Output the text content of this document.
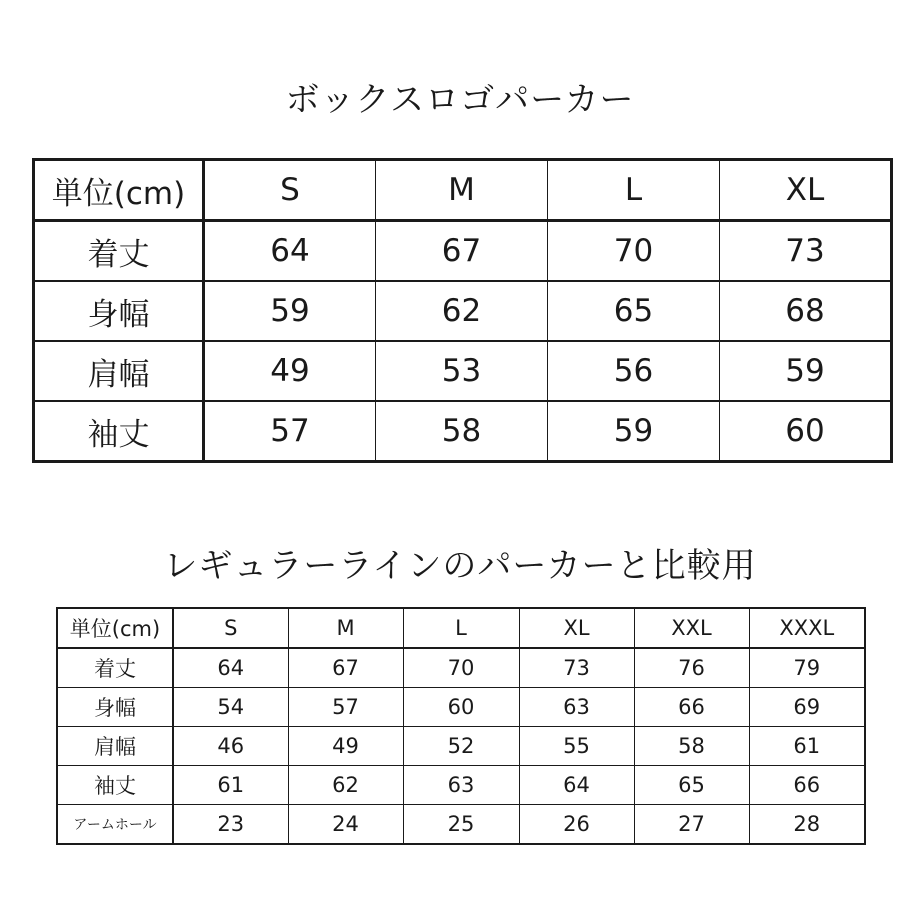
ボックスロゴパーカー
単位(cm)	S	M	L	XL
着丈	64	67	70	73
身幅	59	62	65	68
肩幅	49	53	56	59
袖丈	57	58	59	60
レギュラーラインのパーカーと比較用
単位(cm)	S	M	L	XL	XXL	XXXL
着丈	64	67	70	73	76	79
身幅	54	57	60	63	66	69
肩幅	46	49	52	55	58	61
袖丈	61	62	63	64	65	66
アームホール	23	24	25	26	27	28
